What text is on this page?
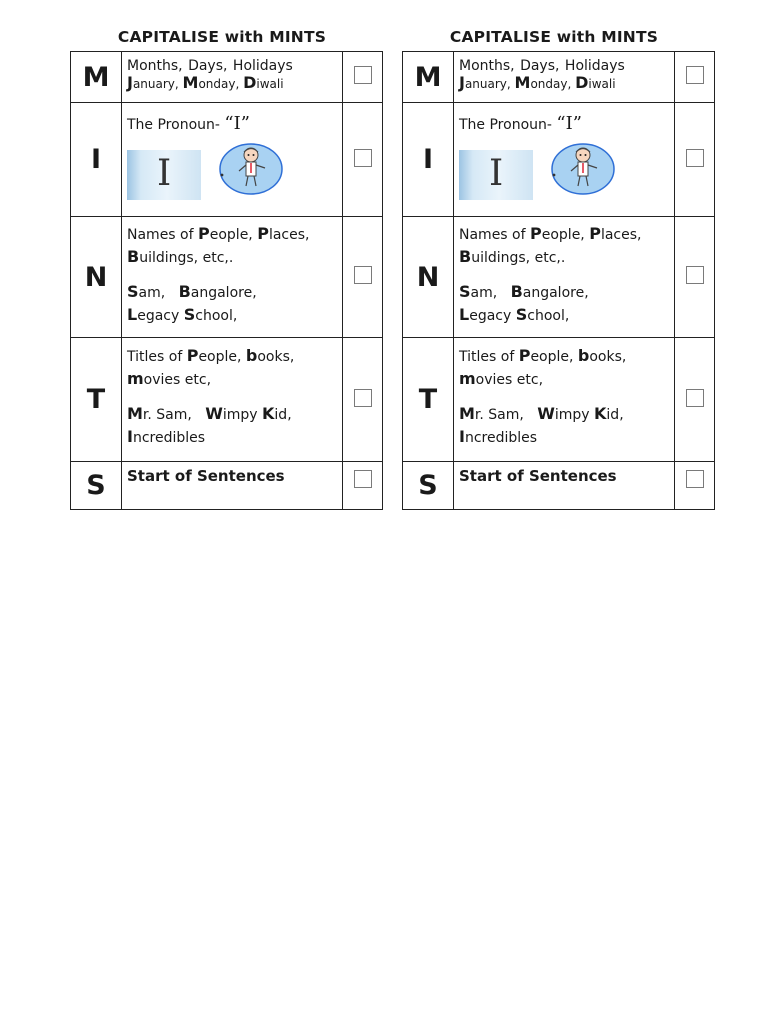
CAPITALISE with MINTS
M	Months, Days, Holidays
January, Monday, Diwali	

I	The Pronoun- “I”
I	

N	Names of People, Places,
Buildings, etc,.
Sam,   Bangalore,
Legacy School,	

T	Titles of People, books,
movies etc,
Mr. Sam,   Wimpy Kid,
Incredibles	

S	Start of Sentences	

CAPITALISE with MINTS
M	Months, Days, Holidays
January, Monday, Diwali	

I	The Pronoun- “I”
I	

N	Names of People, Places,
Buildings, etc,.
Sam,   Bangalore,
Legacy School,	

T	Titles of People, books,
movies etc,
Mr. Sam,   Wimpy Kid,
Incredibles	

S	Start of Sentences	
